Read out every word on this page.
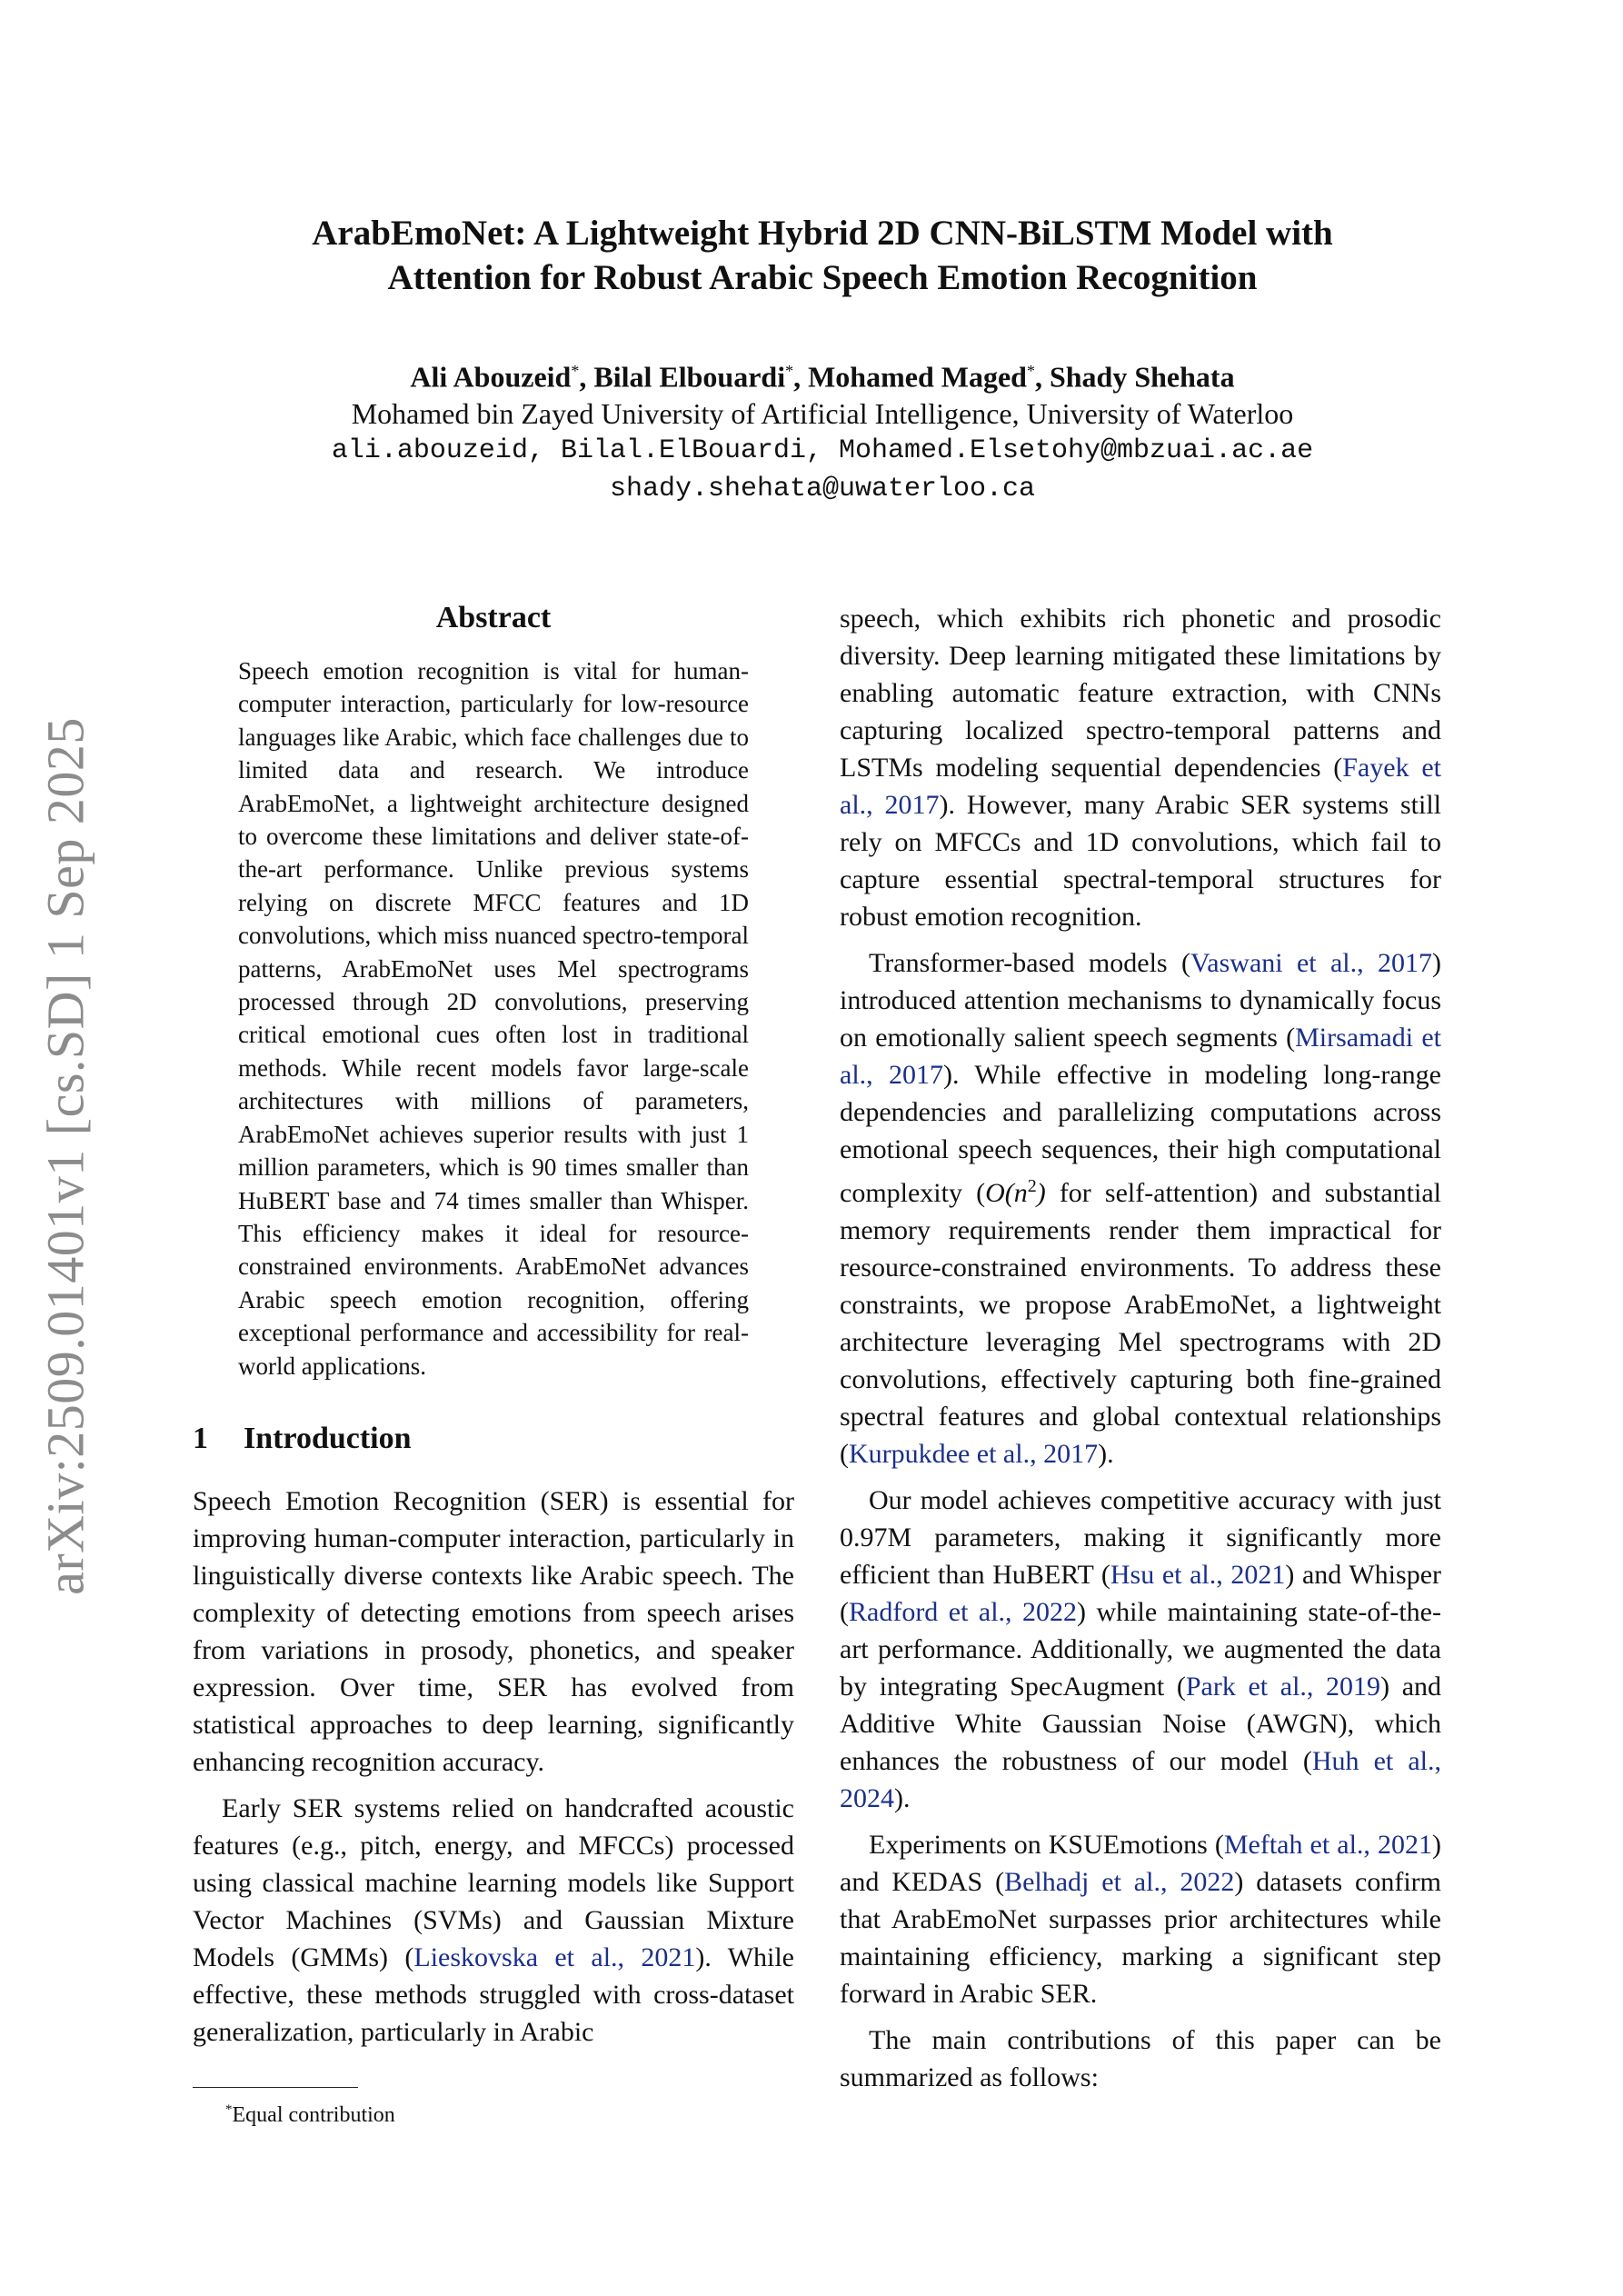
ArabEmoNet: A Lightweight Hybrid 2D CNN-BiLSTM Model with
Attention for Robust Arabic Speech Emotion Recognition
Ali Abouzeid*, Bilal Elbouardi*, Mohamed Maged*, Shady Shehata
Mohamed bin Zayed University of Artificial Intelligence, University of Waterloo
ali.abouzeid, Bilal.ElBouardi, Mohamed.Elsetohy@mbzuai.ac.ae
shady.shehata@uwaterloo.ca
arXiv:2509.01401v1 [cs.SD] 1 Sep 2025
Abstract

Speech emotion recognition is vital for human-computer interaction, particularly for low-resource languages like Arabic, which face challenges due to limited data and research. We introduce ArabEmoNet, a lightweight architecture designed to overcome these limitations and deliver state-of-the-art performance. Unlike previous systems relying on discrete MFCC features and 1D convolutions, which miss nuanced spectro-temporal patterns, ArabEmoNet uses Mel spectrograms processed through 2D convolutions, preserving critical emotional cues often lost in traditional methods. While recent models favor large-scale architectures with millions of parameters, ArabEmoNet achieves superior results with just 1 million parameters, which is 90 times smaller than HuBERT base and 74 times smaller than Whisper. This efficiency makes it ideal for resource-constrained environments. ArabEmoNet advances Arabic speech emotion recognition, offering exceptional performance and accessibility for real-world applications.

1 Introduction

Speech Emotion Recognition (SER) is essential for improving human-computer interaction, particularly in linguistically diverse contexts like Arabic speech. The complexity of detecting emotions from speech arises from variations in prosody, phonetics, and speaker expression. Over time, SER has evolved from statistical approaches to deep learning, significantly enhancing recognition accuracy.

Early SER systems relied on handcrafted acoustic features (e.g., pitch, energy, and MFCCs) processed using classical machine learning models like Support Vector Machines (SVMs) and Gaussian Mixture Models (GMMs) (Lieskovska et al., 2021). While effective, these methods struggled with cross-dataset generalization, particularly in Arabic

speech, which exhibits rich phonetic and prosodic diversity. Deep learning mitigated these limitations by enabling automatic feature extraction, with CNNs capturing localized spectro-temporal patterns and LSTMs modeling sequential dependencies (Fayek et al., 2017). However, many Arabic SER systems still rely on MFCCs and 1D convolutions, which fail to capture essential spectral-temporal structures for robust emotion recognition.

Transformer-based models (Vaswani et al., 2017) introduced attention mechanisms to dynamically focus on emotionally salient speech segments (Mirsamadi et al., 2017). While effective in modeling long-range dependencies and parallelizing computations across emotional speech sequences, their high computational complexity ($O(n^2)$ for self-attention) and substantial memory requirements render them impractical for resource-constrained environments. To address these constraints, we propose ArabEmoNet, a lightweight architecture leveraging Mel spectrograms with 2D convolutions, effectively capturing both fine-grained spectral features and global contextual relationships (Kurpukdee et al., 2017).

Our model achieves competitive accuracy with just 0.97M parameters, making it significantly more efficient than HuBERT (Hsu et al., 2021) and Whisper (Radford et al., 2022) while maintaining state-of-the-art performance. Additionally, we augmented the data by integrating SpecAugment (Park et al., 2019) and Additive White Gaussian Noise (AWGN), which enhances the robustness of our model (Huh et al., 2024).

Experiments on KSUEmotions (Meftah et al., 2021) and KEDAS (Belhadj et al., 2022) datasets confirm that ArabEmoNet surpasses prior architectures while maintaining efficiency, marking a significant step forward in Arabic SER.

The main contributions of this paper can be summarized as follows:

*Equal contribution
